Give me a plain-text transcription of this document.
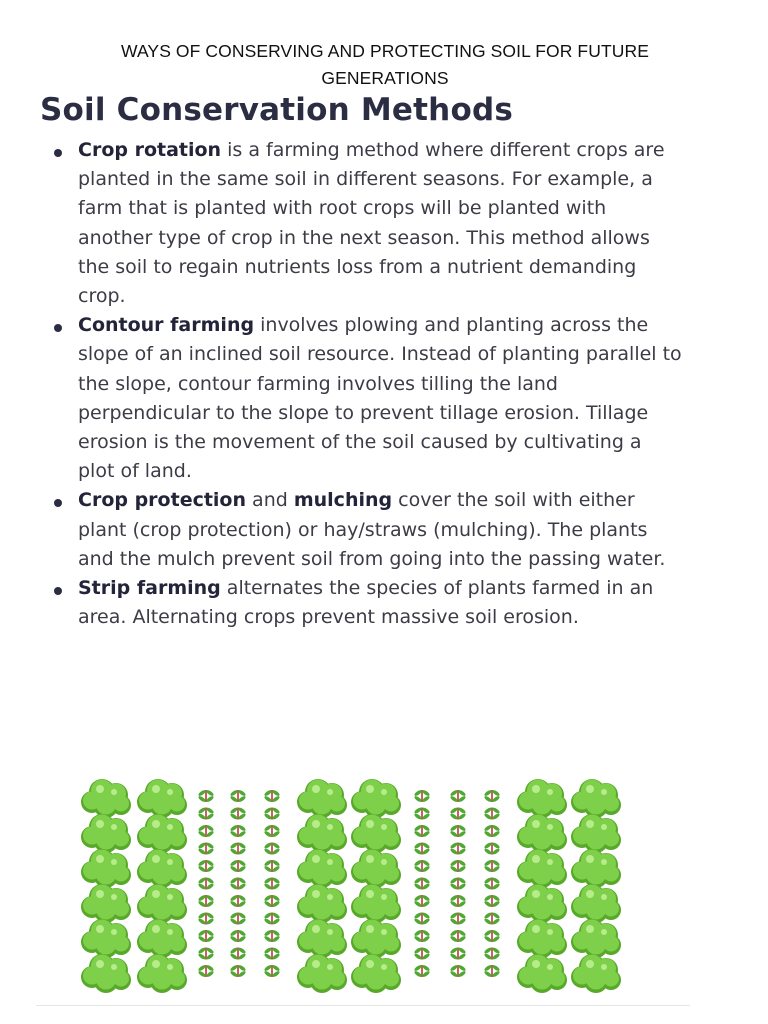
WAYS OF CONSERVING AND PROTECTING SOIL FOR FUTURE
GENERATIONS
Soil Conservation Methods
Crop rotation is a farming method where different crops are planted in the same soil in different seasons. For example, a farm that is planted with root crops will be planted with another type of crop in the next season. This method allows the soil to regain nutrients loss from a nutrient demanding crop.
Contour farming involves plowing and planting across the slope of an inclined soil resource. Instead of planting parallel to the slope, contour farming involves tilling the land perpendicular to the slope to prevent tillage erosion. Tillage erosion is the movement of the soil caused by cultivating a plot of land.
Crop protection and mulching cover the soil with either plant (crop protection) or hay/straws (mulching). The plants and the mulch prevent soil from going into the passing water.
Strip farming alternates the species of plants farmed in an area. Alternating crops prevent massive soil erosion.
